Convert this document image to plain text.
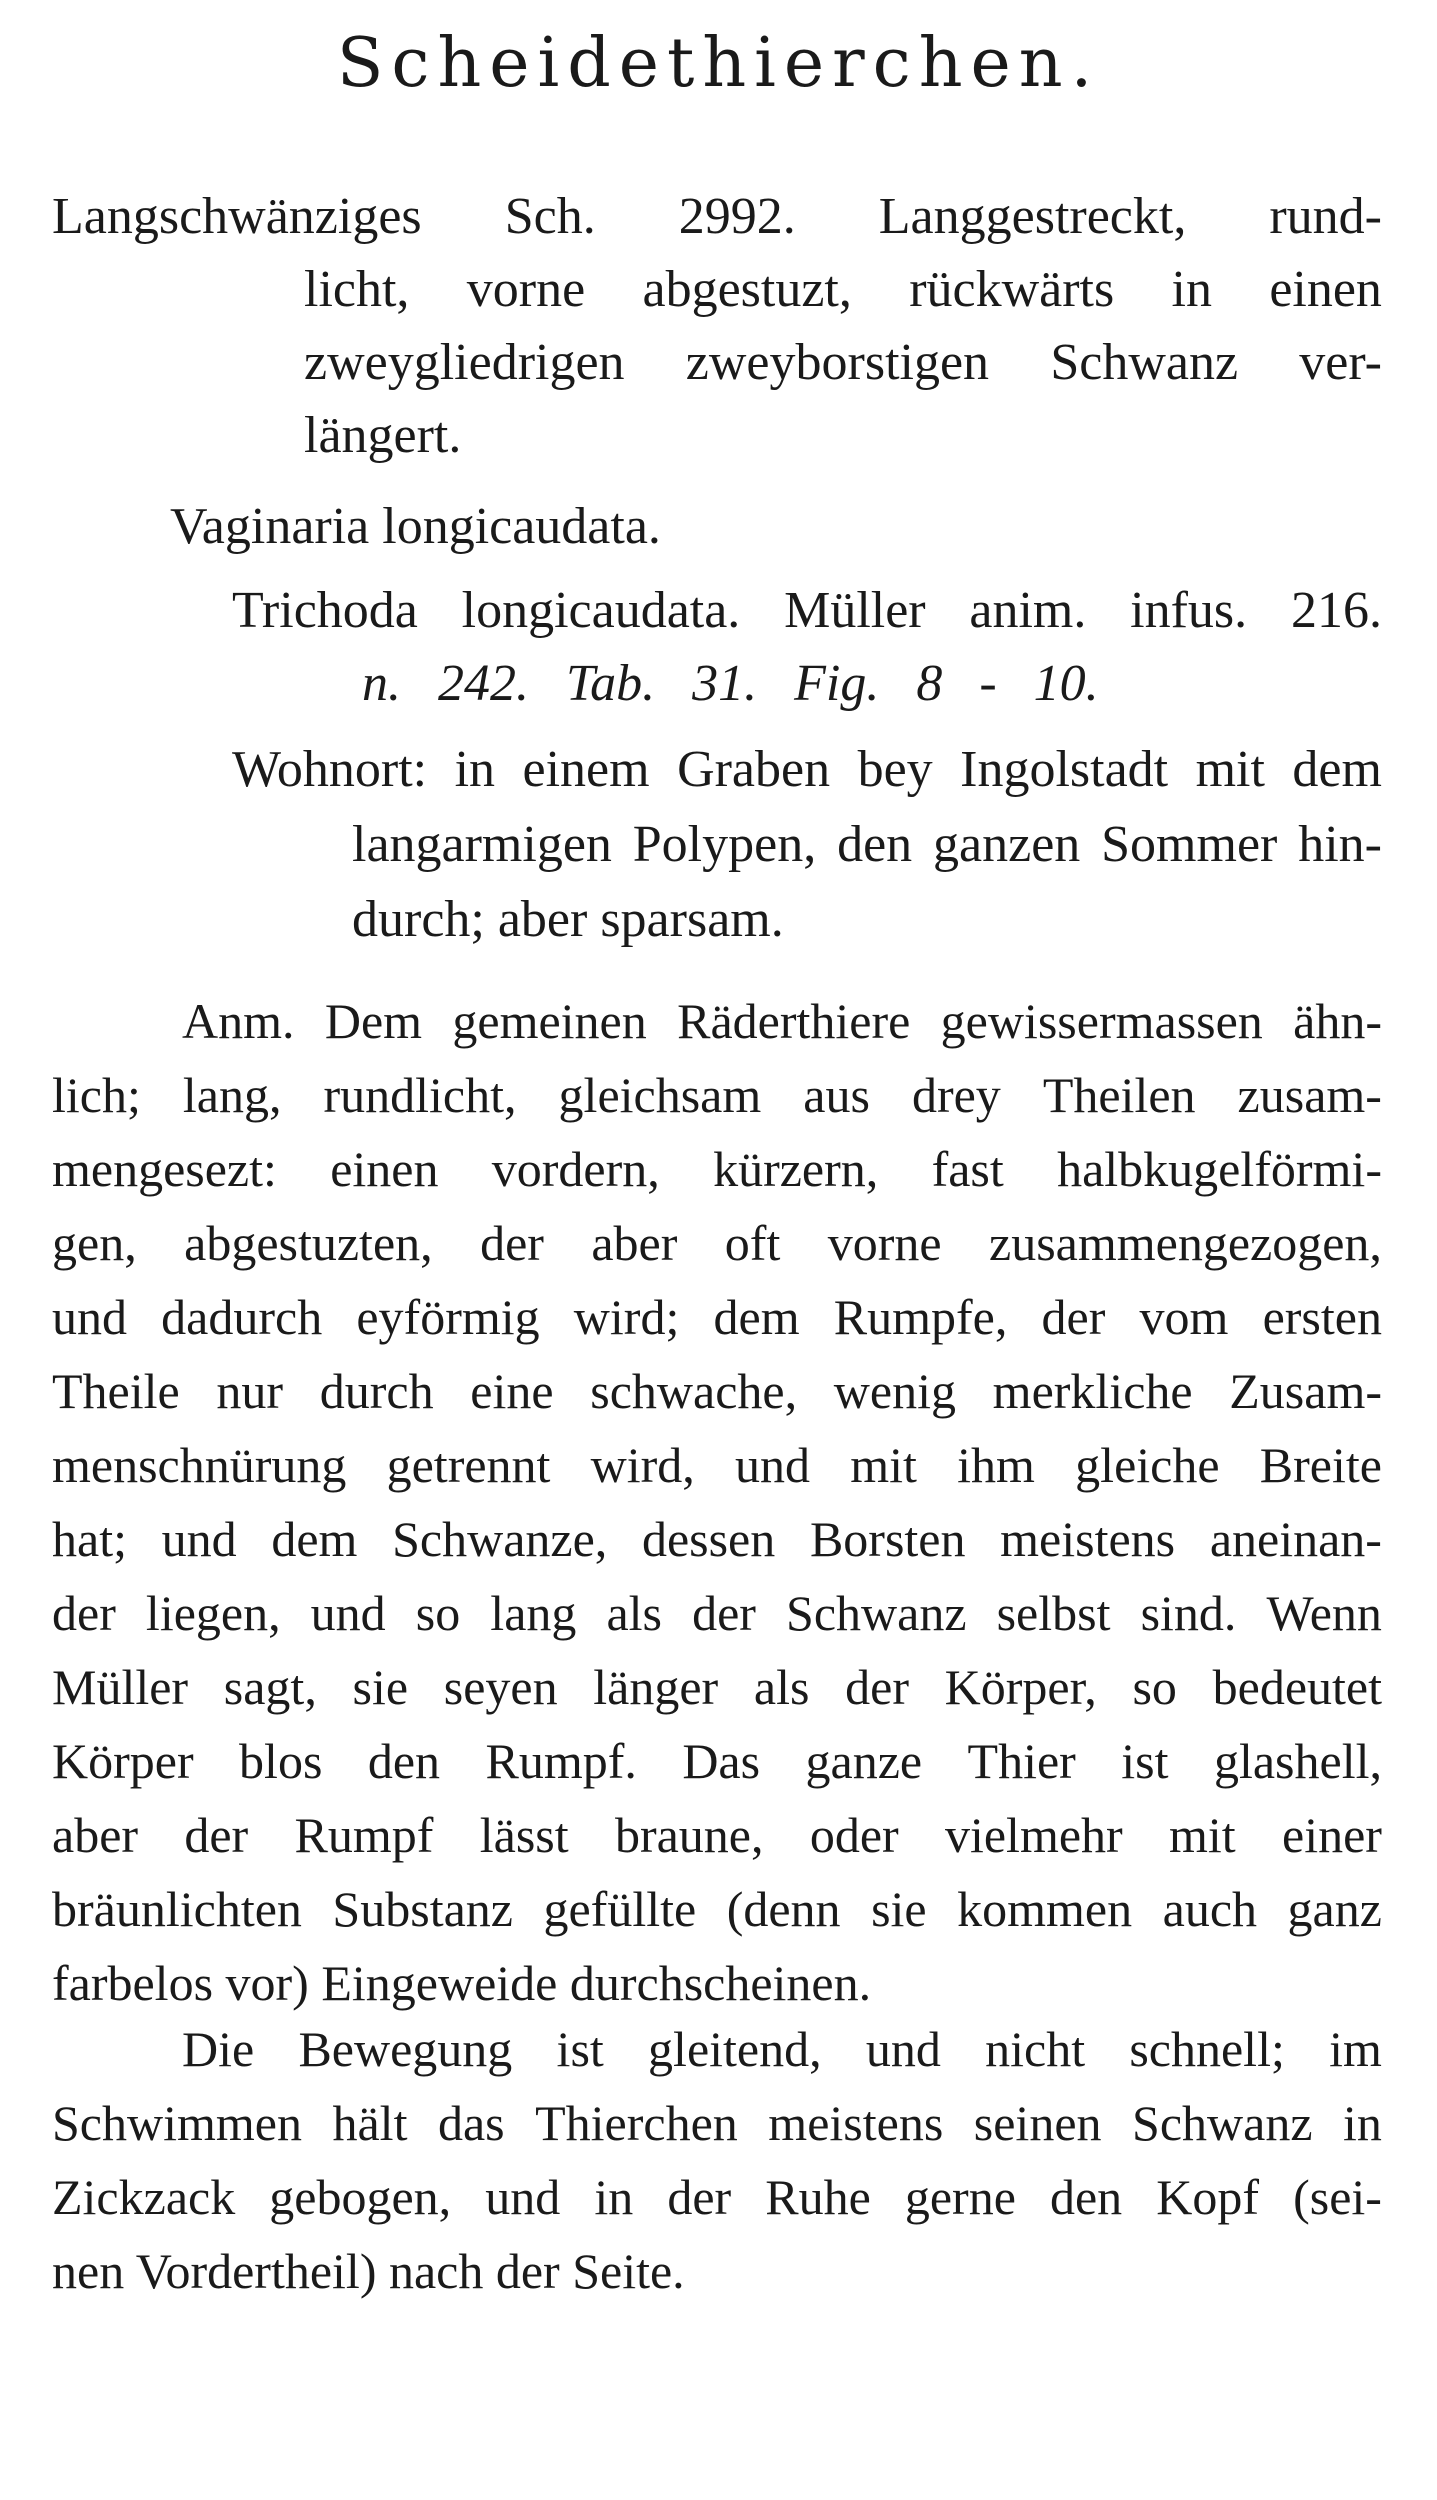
Scheidethierchen.
Langschwänziges Sch. 2992. Langgestreckt, rund-
licht, vorne abgestuzt, rückwärts in einen
zweygliedrigen zweyborstigen Schwanz ver-
längert.
Vaginaria longicaudata.
Trichoda longicaudata. Müller anim. infus. 216.
n. 242. Tab. 31. Fig. 8 - 10.
Wohnort: in einem Graben bey Ingolstadt mit dem
langarmigen Polypen, den ganzen Sommer hin-
durch; aber sparsam.
Anm. Dem gemeinen Räderthiere gewissermassen ähn-
lich; lang, rundlicht, gleichsam aus drey Theilen zusam-
mengesezt: einen vordern, kürzern, fast halbkugelförmi-
gen, abgestuzten, der aber oft vorne zusammengezogen,
und dadurch eyförmig wird; dem Rumpfe, der vom ersten
Theile nur durch eine schwache, wenig merkliche Zusam-
menschnürung getrennt wird, und mit ihm gleiche Breite
hat; und dem Schwanze, dessen Borsten meistens aneinan-
der liegen, und so lang als der Schwanz selbst sind. Wenn
Müller sagt, sie seyen länger als der Körper, so bedeutet
Körper blos den Rumpf. Das ganze Thier ist glashell,
aber der Rumpf lässt braune, oder vielmehr mit einer
bräunlichten Substanz gefüllte (denn sie kommen auch ganz
farbelos vor) Eingeweide durchscheinen.
Die Bewegung ist gleitend, und nicht schnell; im
Schwimmen hält das Thierchen meistens seinen Schwanz in
Zickzack gebogen, und in der Ruhe gerne den Kopf (sei-
nen Vordertheil) nach der Seite.
